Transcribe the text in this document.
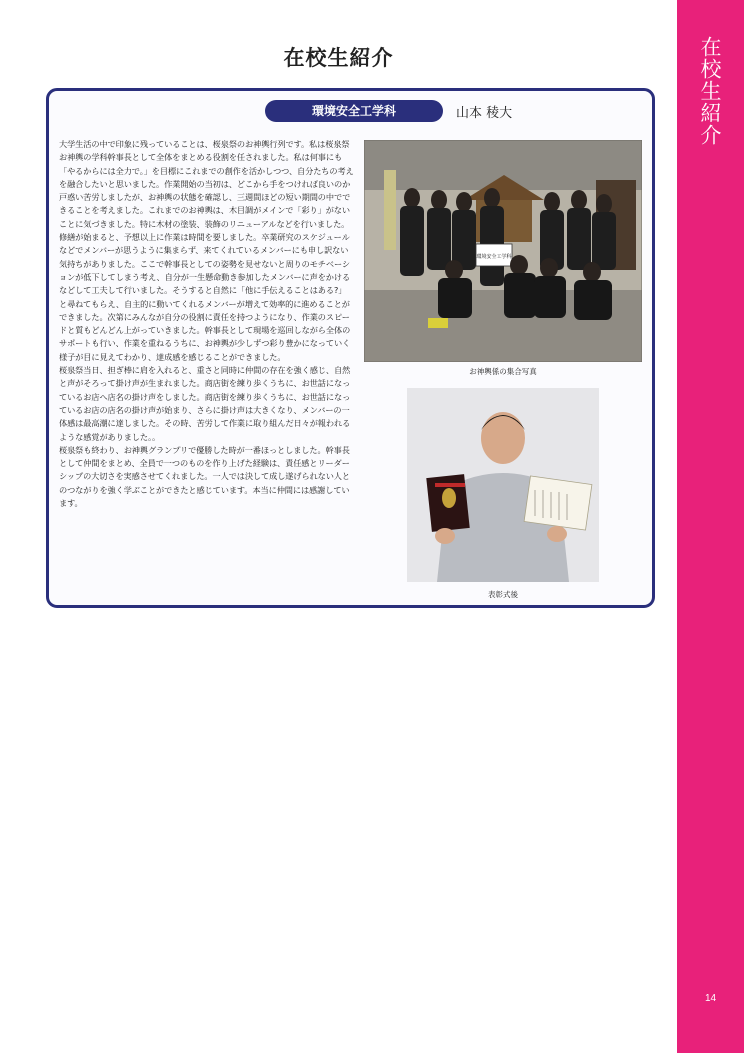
在校生紹介
14
在校生紹介
環境安全工学科	山本 稜大

大学生活の中で印象に残っていることは、桜泉祭のお神輿行列です。私は桜泉祭お神輿の学科幹事長として全体をまとめる役割を任されました。私は何事にも「やるからには全力で。」を目標にこれまでの創作を活かしつつ、自分たちの考えを融合したいと思いました。作業開始の当初は、どこから手をつければ良いのか戸惑い苦労しましたが、お神輿の状態を確認し、三週間ほどの短い期間の中でできることを考えました。これまでのお神輿は、木目調がメインで「彩り」がないことに気づきました。特に木材の塗装、装飾のリニューアルなどを行いました。

修繕が始まると、予想以上に作業は時間を要しました。卒業研究のスケジュールなどでメンバーが思うように集まらず、来てくれているメンバーにも申し訳ない気持ちがありました。ここで幹事長としての姿勢を見せないと周りのモチベーションが低下してしまう考え、自分が一生懸命動き参加したメンバーに声をかけるなどして工夫して行いました。そうすると自然に「他に手伝えることはある?」と尋ねてもらえ、自主的に動いてくれるメンバーが増えて効率的に進めることができました。次第にみんなが自分の役割に責任を持つようになり、作業のスピードと質もどんどん上がっていきました。幹事長として現場を巡回しながら全体のサポートも行い、作業を重ねるうちに、お神輿が少しずつ彩り豊かになっていく様子が目に見えてわかり、達成感を感じることができました。

桜泉祭当日、担ぎ棒に肩を入れると、重さと同時に仲間の存在を強く感じ、自然と声がそろって掛け声が生まれました。商店街を練り歩くうちに、お世話になっているお店へ店名の掛け声をしました。商店街を練り歩くうちに、お世話になっているお店の店名の掛け声が始まり、さらに掛け声は大きくなり、メンバーの一体感は最高潮に達しました。その時、苦労して作業に取り組んだ日々が報われるような感覚がありました。。

桜泉祭も終わり、お神輿グランプリで優勝した時が一番ほっとしました。幹事長として仲間をまとめ、全員で一つのものを作り上げた経験は、責任感とリーダーシップの大切さを実感させてくれました。一人では決して成し遂げられない人とのつながりを強く学ぶことができたと感じています。本当に仲間には感謝しています。

環境安全工学科
お神輿係の集合写真
表彰式後
